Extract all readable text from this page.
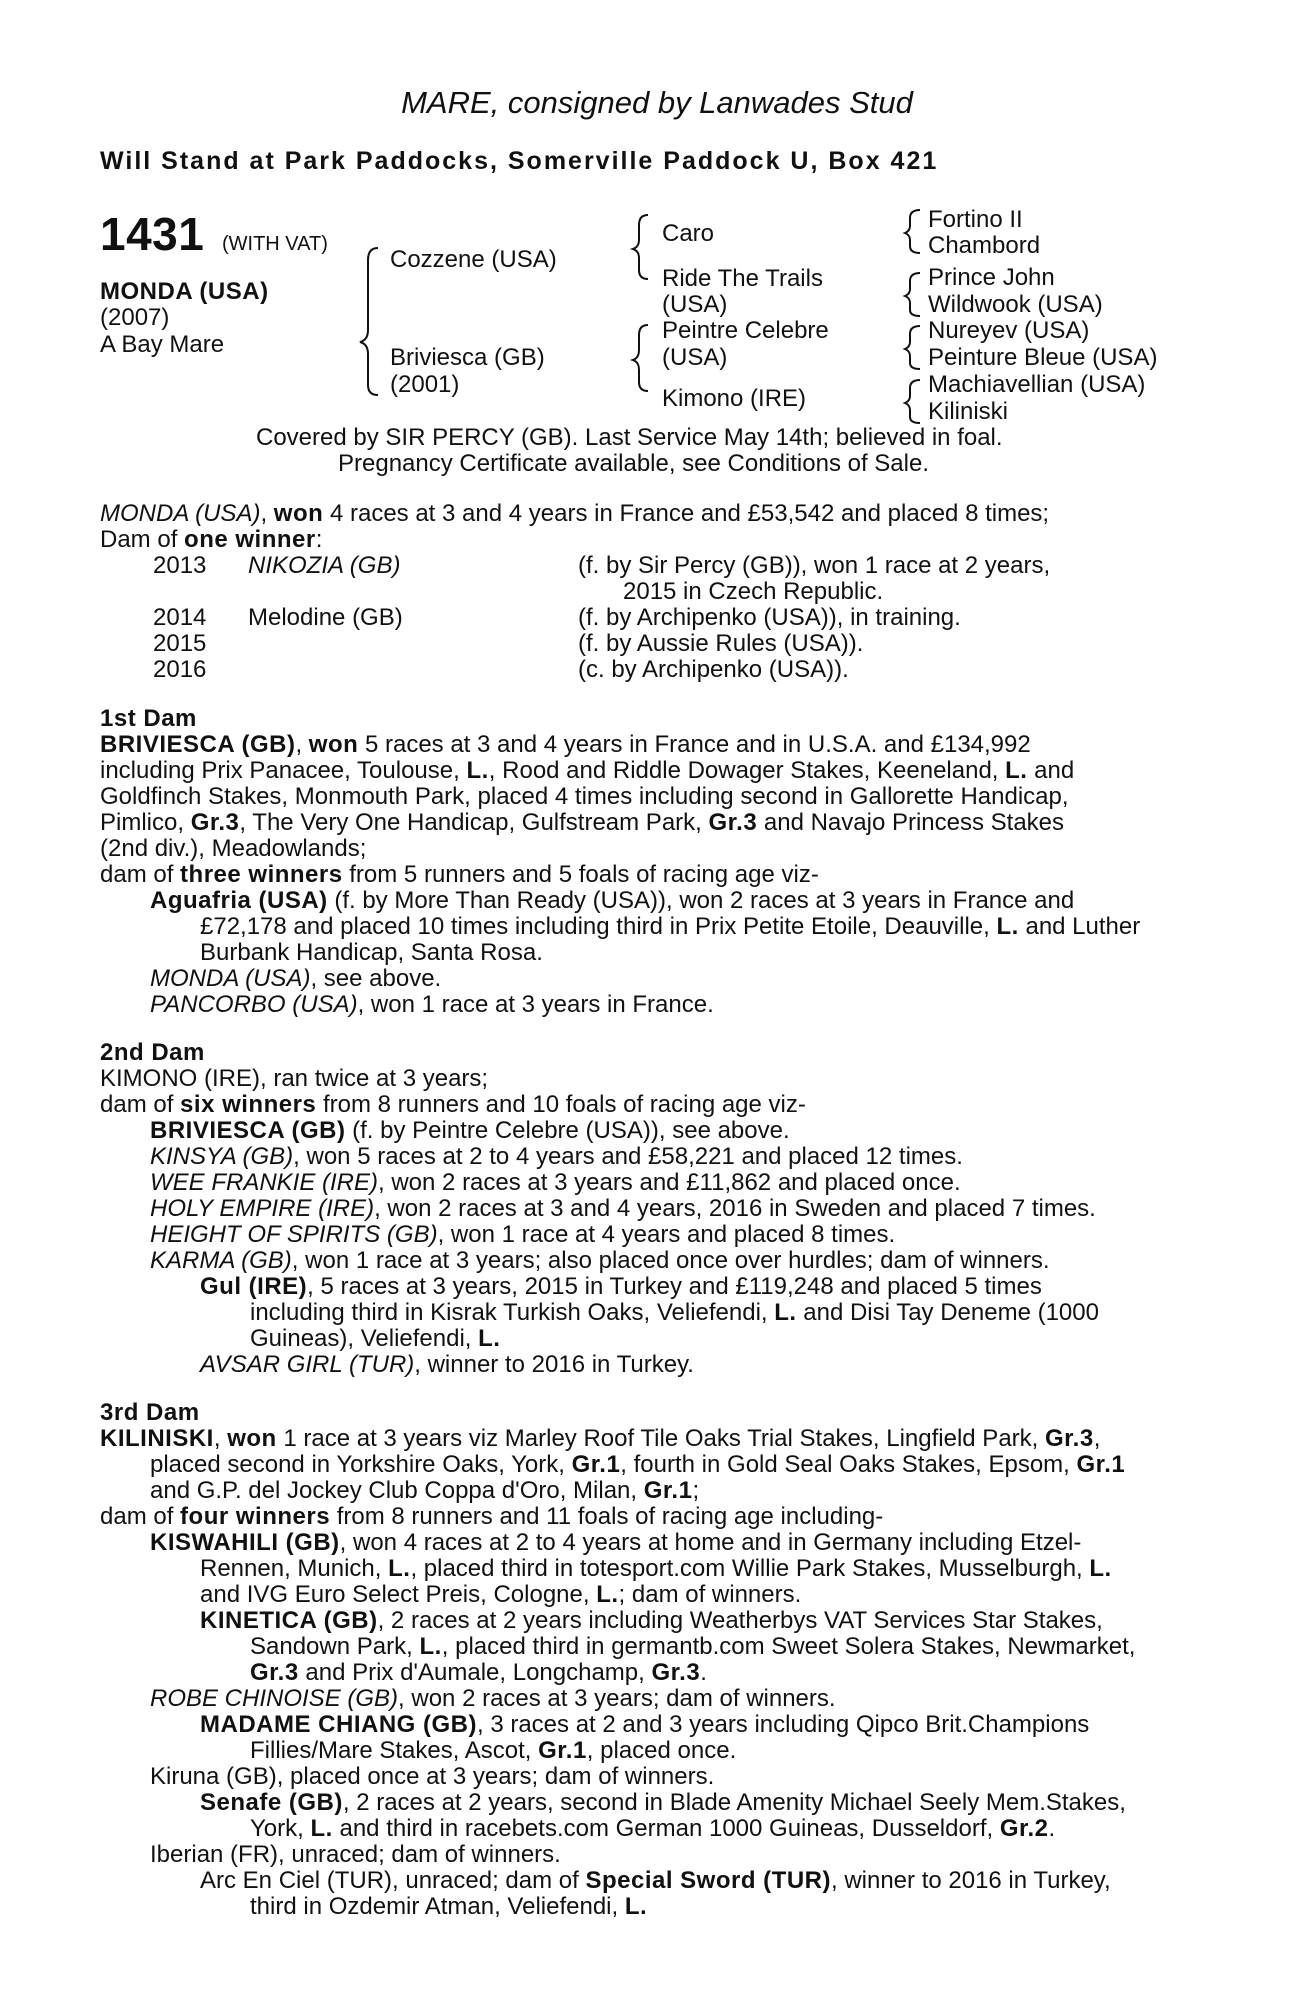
MARE, consigned by Lanwades Stud
Will Stand at Park Paddocks, Somerville Paddock U, Box 421
1431 (WITH VAT)
MONDA (USA)
(2007)
A Bay Mare
Cozzene (USA)
Briviesca (GB)
(2001)
Caro
Ride The Trails
(USA)
Peintre Celebre
(USA)
Kimono (IRE)
Fortino II
Chambord
Prince John
Wildwook (USA)
Nureyev (USA)
Peinture Bleue (USA)
Machiavellian (USA)
Kiliniski
Covered by SIR PERCY (GB). Last Service May 14th; believed in foal.
Pregnancy Certificate available, see Conditions of Sale.
MONDA (USA), won 4 races at 3 and 4 years in France and £53,542 and placed 8 times;
Dam of one winner:
2013 NIKOZIA (GB)	(f. by Sir Percy (GB)), won 1 race at 2 years,
2015 in Czech Republic.
2014 Melodine (GB)	(f. by Archipenko (USA)), in training.
2015	(f. by Aussie Rules (USA)).
2016	(c. by Archipenko (USA)).
1st Dam
BRIVIESCA (GB), won 5 races at 3 and 4 years in France and in U.S.A. and £134,992
including Prix Panacee, Toulouse, L., Rood and Riddle Dowager Stakes, Keeneland, L. and
Goldfinch Stakes, Monmouth Park, placed 4 times including second in Gallorette Handicap,
Pimlico, Gr.3, The Very One Handicap, Gulfstream Park, Gr.3 and Navajo Princess Stakes
(2nd div.), Meadowlands;
dam of three winners from 5 runners and 5 foals of racing age viz-
Aguafria (USA) (f. by More Than Ready (USA)), won 2 races at 3 years in France and
£72,178 and placed 10 times including third in Prix Petite Etoile, Deauville, L. and Luther
Burbank Handicap, Santa Rosa.
MONDA (USA), see above.
PANCORBO (USA), won 1 race at 3 years in France.
2nd Dam
KIMONO (IRE), ran twice at 3 years;
dam of six winners from 8 runners and 10 foals of racing age viz-
BRIVIESCA (GB) (f. by Peintre Celebre (USA)), see above.
KINSYA (GB), won 5 races at 2 to 4 years and £58,221 and placed 12 times.
WEE FRANKIE (IRE), won 2 races at 3 years and £11,862 and placed once.
HOLY EMPIRE (IRE), won 2 races at 3 and 4 years, 2016 in Sweden and placed 7 times.
HEIGHT OF SPIRITS (GB), won 1 race at 4 years and placed 8 times.
KARMA (GB), won 1 race at 3 years; also placed once over hurdles; dam of winners.
Gul (IRE), 5 races at 3 years, 2015 in Turkey and £119,248 and placed 5 times
including third in Kisrak Turkish Oaks, Veliefendi, L. and Disi Tay Deneme (1000
Guineas), Veliefendi, L.
AVSAR GIRL (TUR), winner to 2016 in Turkey.
3rd Dam
KILINISKI, won 1 race at 3 years viz Marley Roof Tile Oaks Trial Stakes, Lingfield Park, Gr.3,
placed second in Yorkshire Oaks, York, Gr.1, fourth in Gold Seal Oaks Stakes, Epsom, Gr.1
and G.P. del Jockey Club Coppa d'Oro, Milan, Gr.1;
dam of four winners from 8 runners and 11 foals of racing age including-
KISWAHILI (GB), won 4 races at 2 to 4 years at home and in Germany including Etzel-
Rennen, Munich, L., placed third in totesport.com Willie Park Stakes, Musselburgh, L.
and IVG Euro Select Preis, Cologne, L.; dam of winners.
KINETICA (GB), 2 races at 2 years including Weatherbys VAT Services Star Stakes,
Sandown Park, L., placed third in germantb.com Sweet Solera Stakes, Newmarket,
Gr.3 and Prix d'Aumale, Longchamp, Gr.3.
ROBE CHINOISE (GB), won 2 races at 3 years; dam of winners.
MADAME CHIANG (GB), 3 races at 2 and 3 years including Qipco Brit.Champions
Fillies/Mare Stakes, Ascot, Gr.1, placed once.
Kiruna (GB), placed once at 3 years; dam of winners.
Senafe (GB), 2 races at 2 years, second in Blade Amenity Michael Seely Mem.Stakes,
York, L. and third in racebets.com German 1000 Guineas, Dusseldorf, Gr.2.
Iberian (FR), unraced; dam of winners.
Arc En Ciel (TUR), unraced; dam of Special Sword (TUR), winner to 2016 in Turkey,
third in Ozdemir Atman, Veliefendi, L.
